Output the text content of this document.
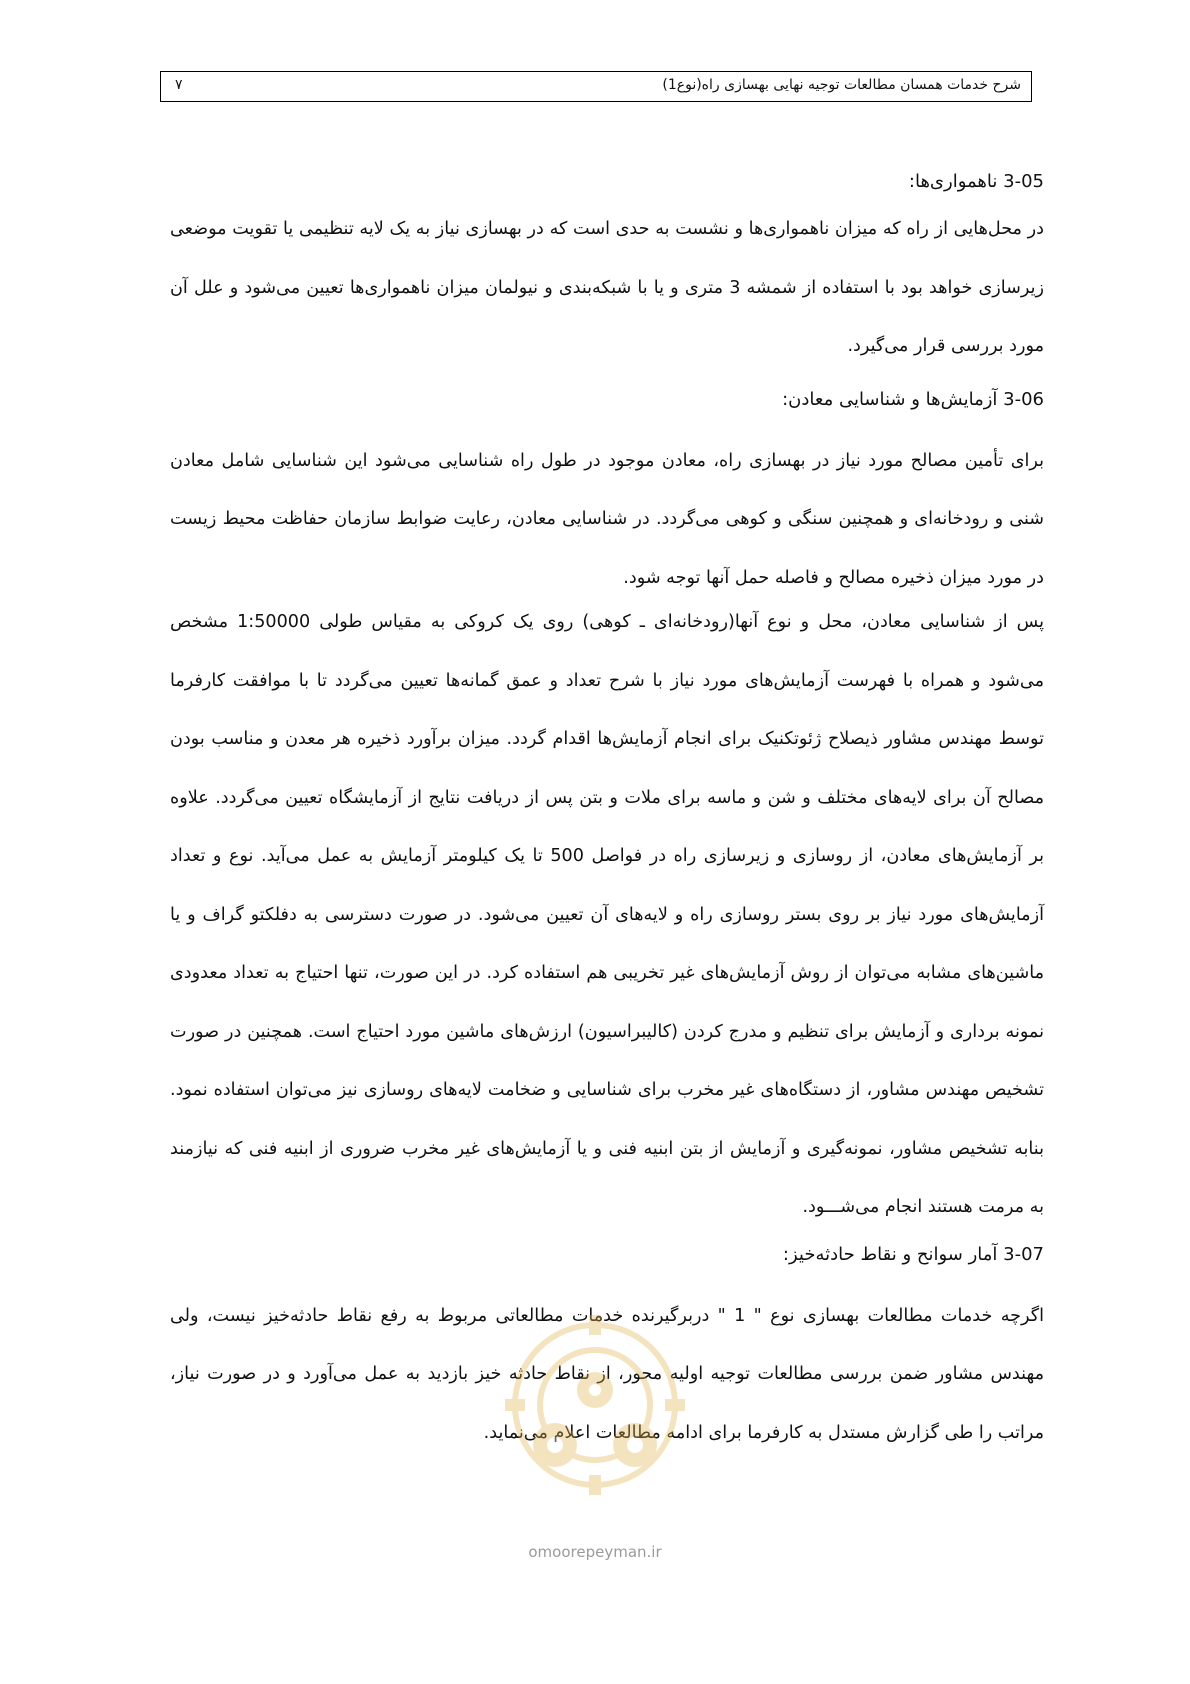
شرح خدمات همسان مطالعات توجیه نهایی بهسازی راه(نوع1)
۷
3-05 ناهمواری‌ها:

در محل‌هایی از راه که میزان ناهمواری‌ها و نشست به حدی است که در بهسازی نیاز به یک لایه تنظیمی یا تقویت موضعی زیرسازی خواهد بود با استفاده از شمشه 3 متری و یا با شبکه‌بندی و نیولمان میزان ناهمواری‌ها تعیین می‌شود و علل آن مورد بررسی قرار می‌گیرد.

3-06 آزمایش‌ها و شناسایی معادن:

برای تأمین مصالح مورد نیاز در بهسازی راه، معادن موجود در طول راه شناسایی می‌شود این شناسایی شامل معادن شنی و رودخانه‌ای و همچنین سنگی و کوهی می‌گردد. در شناسایی معادن، رعایت ضوابط سازمان حفاظت محیط زیست در مورد میزان ذخیره مصالح و فاصله حمل آنها توجه شود.

پس از شناسایی معادن، محل و نوع آنها(رودخانه‌ای ـ کوهی) روی یک کروکی به مقیاس طولی 1:50000 مشخص می‌شود و همراه با فهرست آزمایش‌های مورد نیاز با شرح تعداد و عمق گمانه‌ها تعیین می‌گردد تا با موافقت کارفرما توسط مهندس مشاور ذیصلاح ژئوتکنیک برای انجام آزمایش‌ها اقدام گردد. میزان برآورد ذخیره هر معدن و مناسب بودن مصالح آن برای لایه‌های مختلف و شن و ماسه برای ملات و بتن پس از دریافت نتایج از آزمایشگاه تعیین می‌گردد. علاوه بر آزمایش‌های معادن، از روسازی و زیرسازی راه در فواصل 500 تا یک کیلومتر آزمایش به عمل می‌آید. نوع و تعداد آزمایش‌های مورد نیاز بر روی بستر روسازی راه و لایه‌های آن تعیین می‌شود. در صورت دسترسی به دفلکتو گراف و یا ماشین‌های مشابه می‌توان از روش آزمایش‌های غیر تخریبی هم استفاده کرد. در این صورت، تنها احتیاج به تعداد معدودی نمونه برداری و آزمایش برای تنظیم و مدرج کردن (کالیبراسیون) ارزش‌های ماشین مورد احتیاج است. همچنین در صورت تشخیص مهندس مشاور، از دستگاه‌های غیر مخرب برای شناسایی و ضخامت لایه‌های روسازی نیز می‌توان استفاده نمود. بنابه تشخیص مشاور، نمونه‌گیری و آزمایش از بتن ابنیه فنی و یا آزمایش‌های غیر مخرب ضروری از ابنیه فنی که نیازمند به مرمت هستند انجام می‌شـــود.

3-07 آمار سوانح و نقاط حادثه‌خیز:

اگرچه خدمات مطالعات بهسازی نوع " 1 " دربرگیرنده خدمات مطالعاتی مربوط به رفع نقاط حادثه‌خیز نیست، ولی مهندس مشاور ضمن بررسی مطالعات توجیه اولیه محور، از نقاط حادثه خیز بازدید به عمل می‌آورد و در صورت نیاز، مراتب را طی گزارش مستدل به کارفرما برای ادامه مطالعات اعلام می‌نماید.

omoorepeyman.ir
